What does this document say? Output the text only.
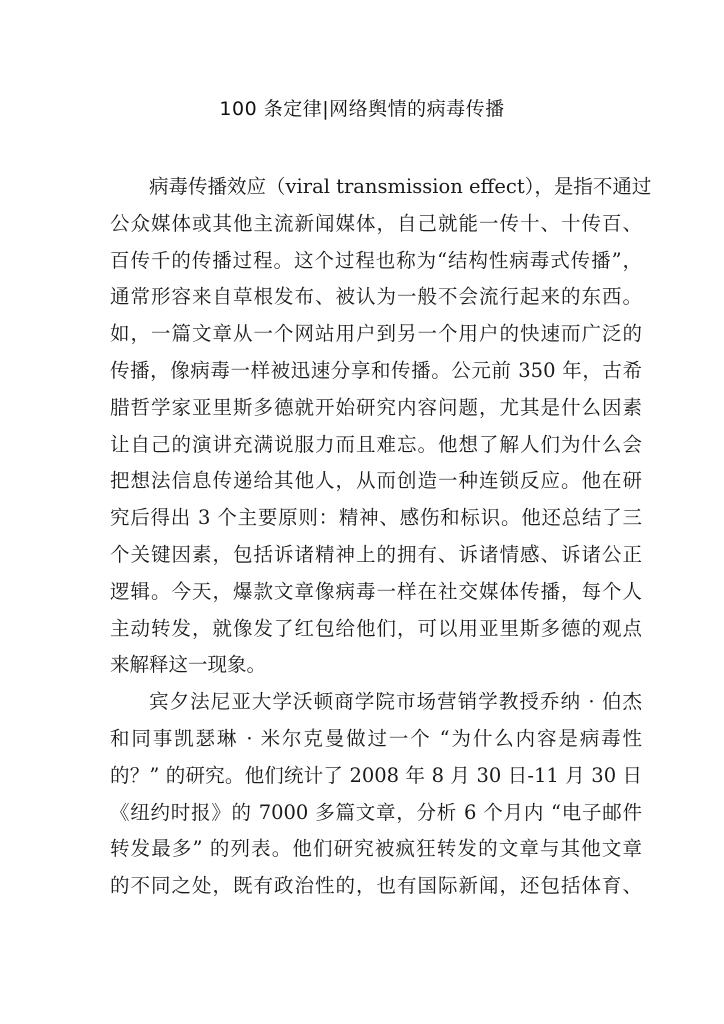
100 条定律|网络舆情的病毒传播
病毒传播效应（viral transmission effect），是指不通过
公众媒体或其他主流新闻媒体，自己就能一传十、十传百、
百传千的传播过程。这个过程也称为“结构性病毒式传播”，
通常形容来自草根发布、被认为一般不会流行起来的东西。
如，一篇文章从一个网站用户到另一个用户的快速而广泛的
传播，像病毒一样被迅速分享和传播。公元前 350 年，古希
腊哲学家亚里斯多德就开始研究内容问题，尤其是什么因素
让自己的演讲充满说服力而且难忘。他想了解人们为什么会
把想法信息传递给其他人，从而创造一种连锁反应。他在研
究后得出 3 个主要原则：精神、感伤和标识。他还总结了三
个关键因素，包括诉诸精神上的拥有、诉诸情感、诉诸公正
逻辑。今天，爆款文章像病毒一样在社交媒体传播，每个人
主动转发，就像发了红包给他们，可以用亚里斯多德的观点
来解释这一现象。
宾夕法尼亚大学沃顿商学院市场营销学教授乔纳 · 伯杰
和同事凯瑟琳 · 米尔克曼做过一个 “为什么内容是病毒性
的？” 的研究。他们统计了 2008 年 8 月 30 日-11 月 30 日
《纽约时报》的 7000 多篇文章，分析 6 个月内 “电子邮件
转发最多” 的列表。他们研究被疯狂转发的文章与其他文章
的不同之处，既有政治性的，也有国际新闻，还包括体育、
